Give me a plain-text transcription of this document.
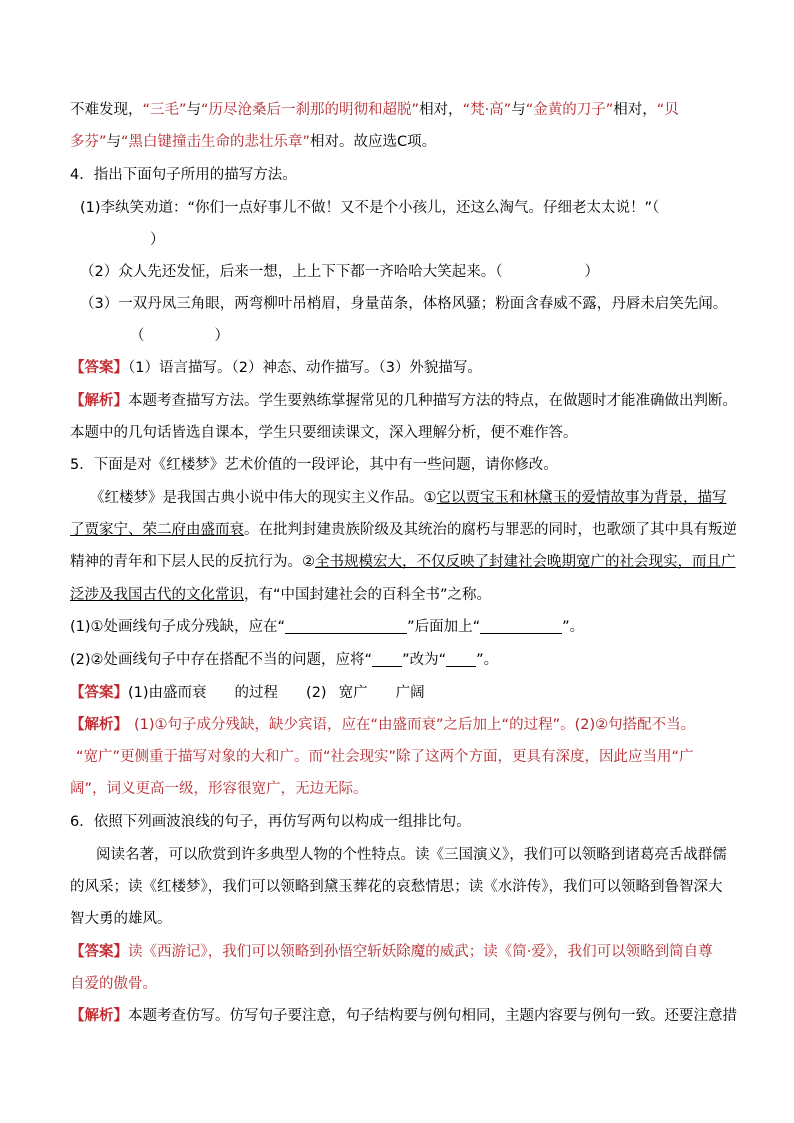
不难发现，“三毛”与“历尽沧桑后一刹那的明彻和超脱”相对，“梵·高”与“金黄的刀子”相对，“贝
多芬”与“黑白键撞击生命的悲壮乐章”相对。故应选C项。
4．指出下面句子所用的描写方法。
(1)李纨笑劝道：“你们一点好事儿不做！又不是个小孩儿，还这么淘气。仔细老太太说！”（
）
（2）众人先还发怔，后来一想，上上下下都一齐哈哈大笑起来。（	）
（3）一双丹凤三角眼，两弯柳叶吊梢眉，身量苗条，体格风骚；粉面含春威不露，丹唇未启笑先闻。
（	）
【答案】（1）语言描写。（2）神态、动作描写。（3）外貌描写。
【解析】本题考查描写方法。学生要熟练掌握常见的几种描写方法的特点，在做题时才能准确做出判断。
本题中的几句话皆选自课本，学生只要细读课文，深入理解分析，便不难作答。
5．下面是对《红楼梦》艺术价值的一段评论，其中有一些问题，请你修改。
《红楼梦》是我国古典小说中伟大的现实主义作品。①它以贾宝玉和林黛玉的爱情故事为背景，描写
了贾家宁、荣二府由盛而衰。在批判封建贵族阶级及其统治的腐朽与罪恶的同时，也歌颂了其中具有叛逆
精神的青年和下层人民的反抗行为。②全书规模宏大，不仅反映了封建社会晚期宽广的社会现实，而且广
泛涉及我国古代的文化常识，有“中国封建社会的百科全书”之称。
(1)①处画线句子成分残缺，应在“	”后面加上“	”。
(2)②处画线句子中存在搭配不当的问题，应将“ ”改为“ ”。
【答案】(1)由盛而衰 的过程 (2) 宽广 广阔
【解析】 (1)①句子成分残缺，缺少宾语，应在“由盛而衰”之后加上“的过程”。(2)②句搭配不当。
“宽广”更侧重于描写对象的大和广。而“社会现实”除了这两个方面，更具有深度，因此应当用“广
阔”，词义更高一级，形容很宽广，无边无际。
6．依照下列画波浪线的句子，再仿写两句以构成一组排比句。
阅读名著，可以欣赏到许多典型人物的个性特点。读《三国演义》，我们可以领略到诸葛亮舌战群儒
的风采；读《红楼梦》，我们可以领略到黛玉葬花的哀愁情思；读《水浒传》，我们可以领略到鲁智深大
智大勇的雄风。
【答案】读《西游记》，我们可以领略到孙悟空斩妖除魔的威武；读《简·爱》，我们可以领略到简自尊
自爱的傲骨。
【解析】本题考查仿写。仿写句子要注意，句子结构要与例句相同，主题内容要与例句一致。还要注意措
